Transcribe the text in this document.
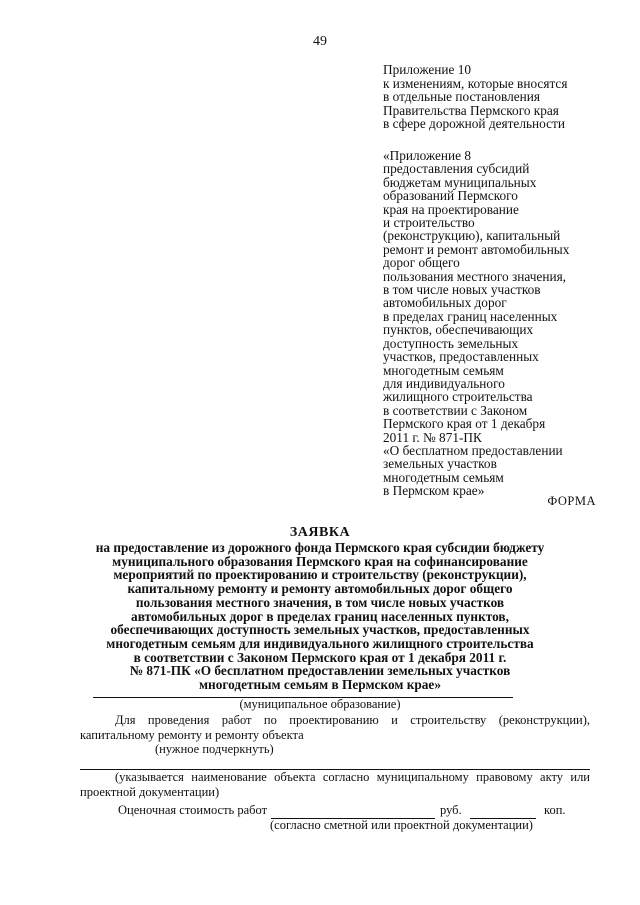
49
Приложение 10
к изменениям, которые вносятся
в отдельные постановления
Правительства Пермского края
в сфере дорожной деятельности
«Приложение 8
предоставления субсидий
бюджетам муниципальных
образований Пермского
края на проектирование
и строительство
(реконструкцию), капитальный
ремонт и ремонт автомобильных
дорог общего
пользования местного значения,
в том числе новых участков
автомобильных дорог
в пределах границ населенных
пунктов, обеспечивающих
доступность земельных
участков, предоставленных
многодетным семьям
для индивидуального
жилищного строительства
в соответствии с Законом
Пермского края от 1 декабря
2011 г. № 871-ПК
«О бесплатном предоставлении
земельных участков
многодетным семьям
в Пермском крае»
ФОРМА
ЗАЯВКА
на предоставление из дорожного фонда Пермского края субсидии бюджету
муниципального образования Пермского края на софинансирование
мероприятий по проектированию и строительству (реконструкции),
капитальному ремонту и ремонту автомобильных дорог общего
пользования местного значения, в том числе новых участков
автомобильных дорог в пределах границ населенных пунктов,
обеспечивающих доступность земельных участков, предоставленных
многодетным семьям для индивидуального жилищного строительства
в соответствии с Законом Пермского края от 1 декабря 2011 г.
№ 871-ПК «О бесплатном предоставлении земельных участков
многодетным семьям в Пермском крае»
(муниципальное образование)
Для проведения работ по проектированию и строительству (реконструкции), капитальному ремонту и ремонту объекта
(нужное подчеркнуть)
(указывается наименование объекта согласно муниципальному правовому акту или проектной документации)
Оценочная стоимость работ	руб.	коп.
(согласно сметной или проектной документации)
